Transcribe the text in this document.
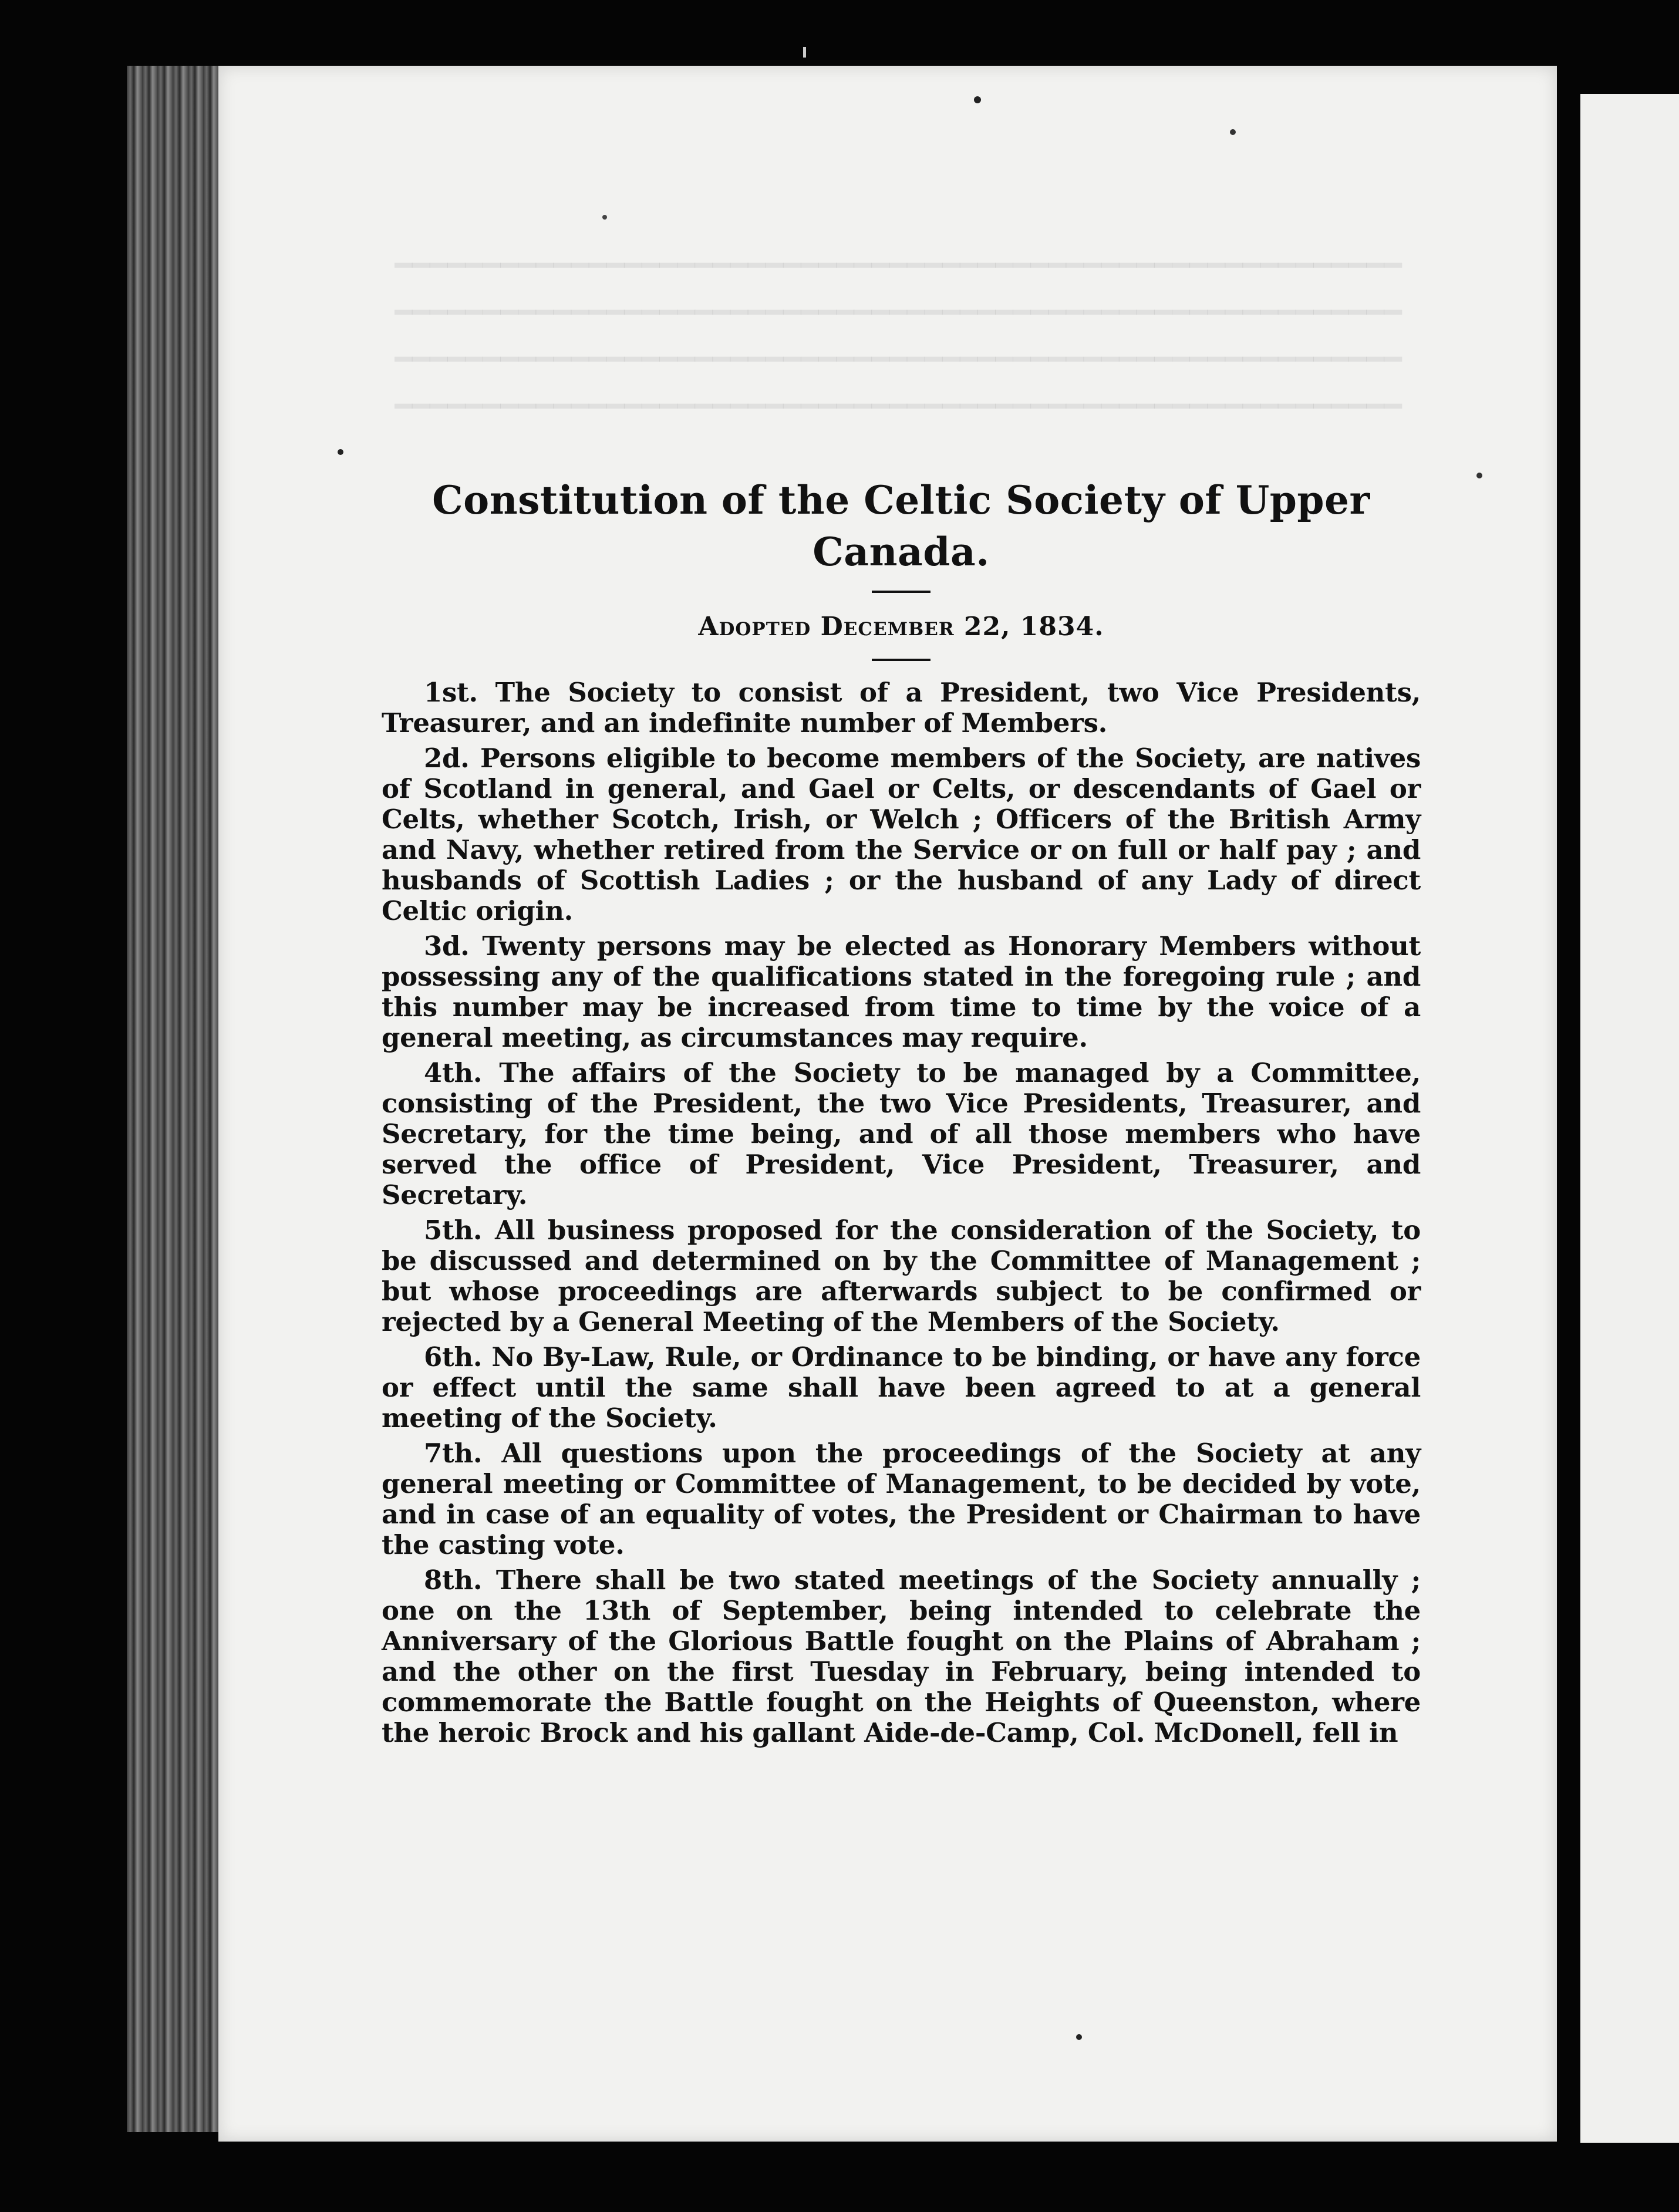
━━━━━━━━━━━━━━━━━━━━━━━━━━━━━━━━━━━━━━━━━━━━━━━━━━━━━━━━━
━━━━━━━━━━━━━━━━━━━━━━━━━━━━━━━━━━━━━━━━━━━━━━━━━━━━━━━━━
━━━━━━━━━━━━━━━━━━━━━━━━━━━━━━━━━━━━━━━━━━━━━━━━━━━━━━━━━
━━━━━━━━━━━━━━━━━━━━━━━━━━━━━━━━━━━━━━━━━━━━━━━━━━━━━━━━━
Constitution of the Celtic Society of Upper Canada.
Adopted December 22, 1834.

1st. The Society to consist of a President, two Vice Presidents, Treasurer, and an indefinite number of Members.

2d. Persons eligible to become members of the Society, are natives of Scotland in general, and Gael or Celts, or descendants of Gael or Celts, whether Scotch, Irish, or Welch ; Officers of the British Army and Navy, whether retired from the Service or on full or half pay ; and husbands of Scottish Ladies ; or the husband of any Lady of direct Celtic origin.

3d. Twenty persons may be elected as Honorary Members without possessing any of the qualifications stated in the foregoing rule ; and this number may be increased from time to time by the voice of a general meeting, as circumstances may require.

4th. The affairs of the Society to be managed by a Committee, consisting of the President, the two Vice Presidents, Treasurer, and Secretary, for the time being, and of all those members who have served the office of President, Vice President, Treasurer, and Secretary.

5th. All business proposed for the consideration of the Society, to be discussed and determined on by the Committee of Management ; but whose proceedings are afterwards subject to be confirmed or rejected by a General Meeting of the Members of the Society.

6th. No By-Law, Rule, or Ordinance to be binding, or have any force or effect until the same shall have been agreed to at a general meeting of the Society.

7th. All questions upon the proceedings of the Society at any general meeting or Committee of Management, to be decided by vote, and in case of an equality of votes, the President or Chairman to have the casting vote.

8th. There shall be two stated meetings of the Society annually ; one on the 13th of September, being intended to celebrate the Anniversary of the Glorious Battle fought on the Plains of Abraham ; and the other on the first Tuesday in February, being intended to commemorate the Battle fought on the Heights of Queenston, where the heroic Brock and his gallant Aide-de-Camp, Col. McDonell, fell in
